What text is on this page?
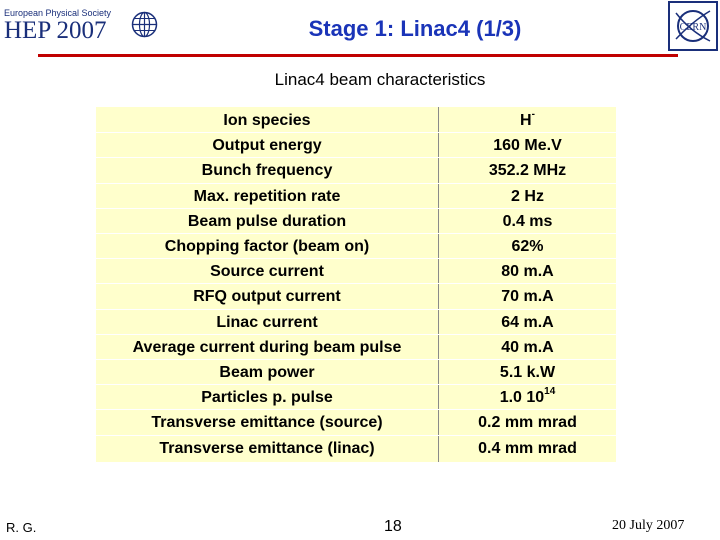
European Physical Society
HEP 2007	Stage 1: Linac4 (1/3)	CERN
Linac4 beam characteristics
Ion species	H-
Output energy	160 Me.V
Bunch frequency	352.2 MHz
Max. repetition rate	2 Hz
Beam pulse duration	0.4 ms
Chopping factor (beam on)	62%
Source current	80 m.A
RFQ output current	70 m.A
Linac current	64 m.A
Average current during beam pulse	40 m.A
Beam power	5.1 k.W
Particles p. pulse	1.0 $10^{14}$
Transverse emittance (source)	0.2 mm mrad
Transverse emittance (linac)	0.4 mm mrad
R. G.	18	20 July 2007
